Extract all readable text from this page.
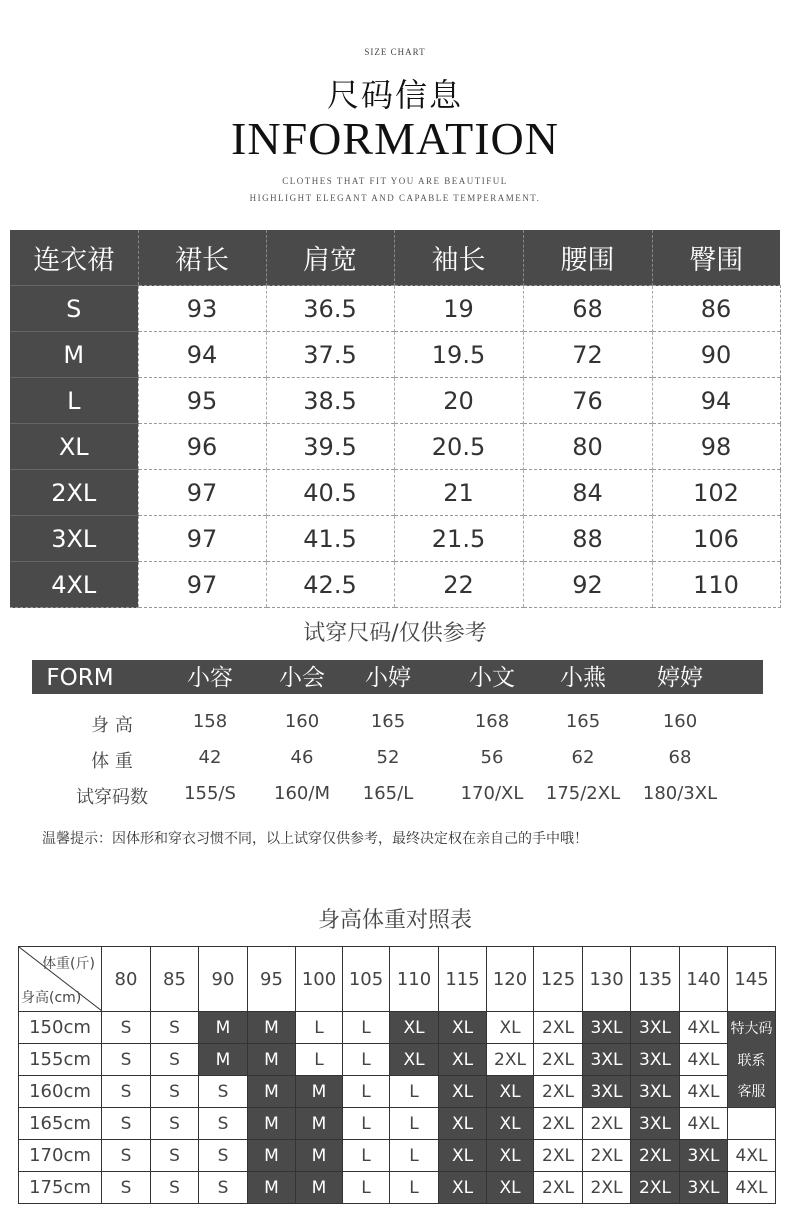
SIZE CHART
尺码信息
INFORMATION
CLOTHES THAT FIT YOU ARE BEAUTIFUL
HIGHLIGHT ELEGANT AND CAPABLE TEMPERAMENT.
连衣裙	裙长	肩宽	袖长	腰围	臀围
S	93	36.5	19	68	86
M	94	37.5	19.5	72	90
L	95	38.5	20	76	94
XL	96	39.5	20.5	80	98
2XL	97	40.5	21	84	102
3XL	97	41.5	21.5	88	106
4XL	97	42.5	22	92	110
试穿尺码/仅供参考
FORM	小容 小会 小婷	小文 小燕 婷婷
身 高	158	160	165	168	165	160
体 重	42	46	52	56	62	68
试穿码数 155/S 160/M 165/L	170/XL 175/2XL 180/3XL
温馨提示：因体形和穿衣习惯不同，以上试穿仅供参考，最终决定权在亲自己的手中哦！
身高体重对照表
体重(斤)
身高(cm)	80	85	90	95	100	105	110	115	120	125	130	135	140	145
150cm	S	S	M	M	L	L	XL	XL	XL	2XL	3XL	3XL	4XL	特大码
155cm	S	S	M	M	L	L	XL	XL	2XL	2XL	3XL	3XL	4XL	联系
160cm	S	S	S	M	M	L	L	XL	XL	2XL	3XL	3XL	4XL	客服
165cm	S	S	S	M	M	L	L	XL	XL	2XL	2XL	3XL	4XL	
170cm	S	S	S	M	M	L	L	XL	XL	2XL	2XL	2XL	3XL	4XL
175cm	S	S	S	M	M	L	L	XL	XL	2XL	2XL	2XL	3XL	4XL
